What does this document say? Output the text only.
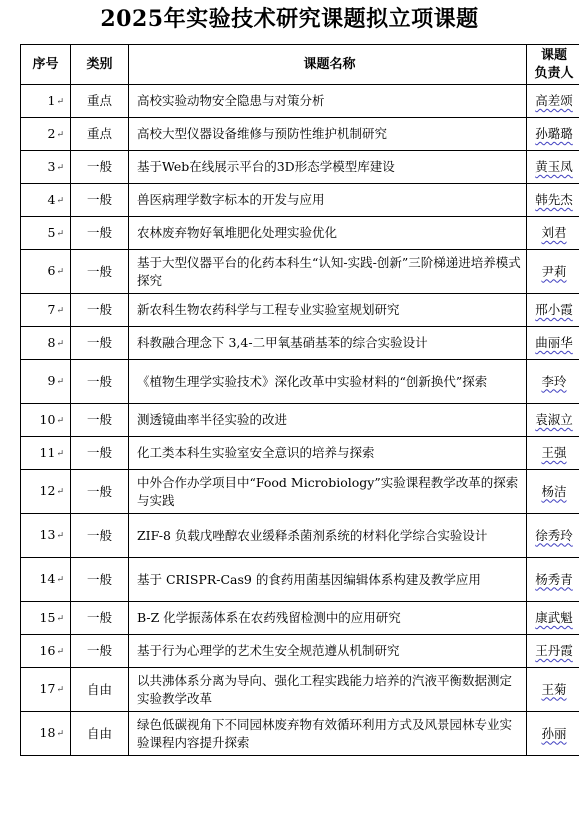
2025年实验技术研究课题拟立项课题
序号	类别	课题名称	课题
负责人
1↵	重点	高校实验动物安全隐患与对策分析	高差颂
2↵	重点	高校大型仪器设备维修与预防性维护机制研究	孙璐璐
3↵	一般	基于Web在线展示平台的3D形态学模型库建设	黄玉凤
4↵	一般	兽医病理学数字标本的开发与应用	韩先杰
5↵	一般	农林废弃物好氧堆肥化处理实验优化	刘君
6↵	一般	基于大型仪器平台的化药本科生“认知-实践-创新”三阶梯递进培养模式探究	尹莉
7↵	一般	新农科生物农药科学与工程专业实验室规划研究	邢小霞
8↵	一般	科教融合理念下 3,4-二甲氧基硝基苯的综合实验设计	曲丽华
9↵	一般	《植物生理学实验技术》深化改革中实验材料的“创新换代”探索	李玲
10↵	一般	测透镜曲率半径实验的改进	袁淑立
11↵	一般	化工类本科生实验室安全意识的培养与探索	王强
12↵	一般	中外合作办学项目中“Food Microbiology”实验课程教学改革的探索与实践	杨洁
13↵	一般	ZIF-8 负载戊唑醇农业缓释杀菌剂系统的材料化学综合实验设计	徐秀玲
14↵	一般	基于 CRISPR-Cas9 的食药用菌基因编辑体系构建及教学应用	杨秀青
15↵	一般	B-Z 化学振荡体系在农药残留检测中的应用研究	康武魁
16↵	一般	基于行为心理学的艺术生安全规范遵从机制研究	王丹霞
17↵	自由	以共沸体系分离为导向、强化工程实践能力培养的汽液平衡数据测定实验教学改革	王菊
18↵	自由	绿色低碳视角下不同园林废弃物有效循环利用方式及风景园林专业实验课程内容提升探索	孙丽
